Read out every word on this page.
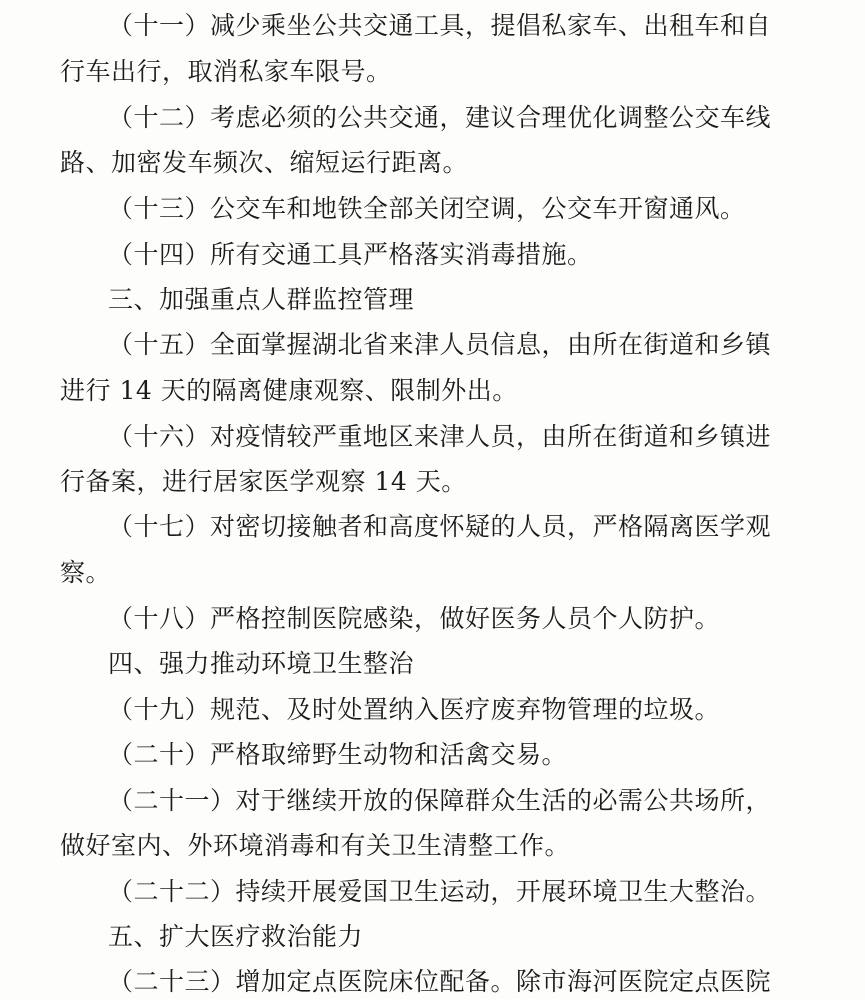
（十一）减少乘坐公共交通工具，提倡私家车、出租车和自
行车出行，取消私家车限号。
（十二）考虑必须的公共交通，建议合理优化调整公交车线
路、加密发车频次、缩短运行距离。
（十三）公交车和地铁全部关闭空调，公交车开窗通风。
（十四）所有交通工具严格落实消毒措施。
三、加强重点人群监控管理
（十五）全面掌握湖北省来津人员信息，由所在街道和乡镇
进行 14 天的隔离健康观察、限制外出。
（十六）对疫情较严重地区来津人员，由所在街道和乡镇进
行备案，进行居家医学观察 14 天。
（十七）对密切接触者和高度怀疑的人员，严格隔离医学观
察。
（十八）严格控制医院感染，做好医务人员个人防护。
四、强力推动环境卫生整治
（十九）规范、及时处置纳入医疗废弃物管理的垃圾。
（二十）严格取缔野生动物和活禽交易。
（二十一）对于继续开放的保障群众生活的必需公共场所，
做好室内、外环境消毒和有关卫生清整工作。
（二十二）持续开展爱国卫生运动，开展环境卫生大整治。
五、扩大医疗救治能力
（二十三）增加定点医院床位配备。除市海河医院定点医院
